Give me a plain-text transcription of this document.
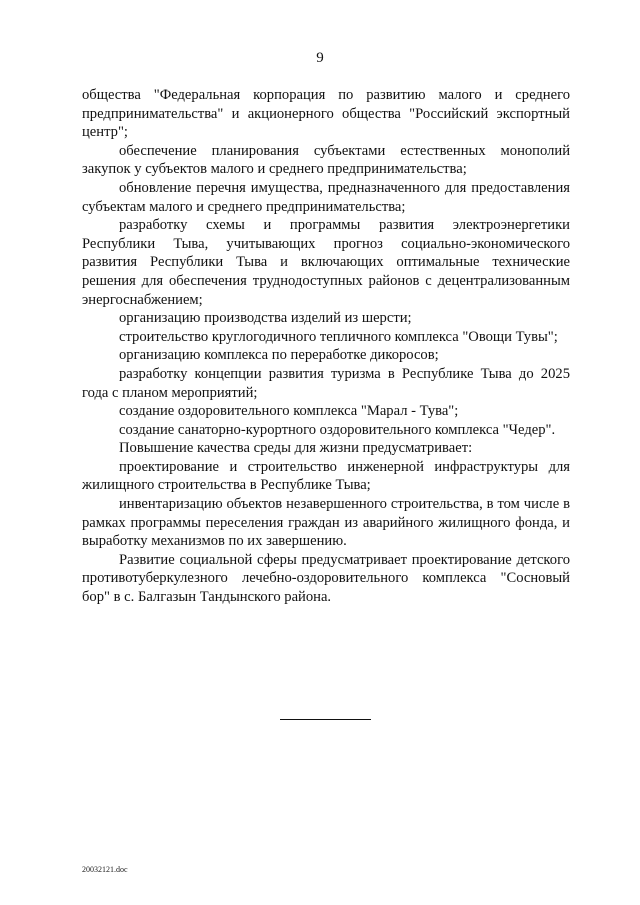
9

общества "Федеральная корпорация по развитию малого и среднего предпринимательства" и акционерного общества "Российский экспортный центр";

обеспечение планирования субъектами естественных монополий закупок у субъектов малого и среднего предпринимательства;

обновление перечня имущества, предназначенного для предоставления субъектам малого и среднего предпринимательства;

разработку схемы и программы развития электроэнергетики Республики Тыва, учитывающих прогноз социально-экономического развития Республики Тыва и включающих оптимальные технические решения для обеспечения труднодоступных районов с децентрализованным энергоснабжением;

организацию производства изделий из шерсти;

строительство круглогодичного тепличного комплекса "Овощи Тувы";

организацию комплекса по переработке дикоросов;

разработку концепции развития туризма в Республике Тыва до 2025 года с планом мероприятий;

создание оздоровительного комплекса "Марал - Тува";

создание санаторно-курортного оздоровительного комплекса "Чедер".

Повышение качества среды для жизни предусматривает:

проектирование и строительство инженерной инфраструктуры для жилищного строительства в Республике Тыва;

инвентаризацию объектов незавершенного строительства, в том числе в рамках программы переселения граждан из аварийного жилищного фонда, и выработку механизмов по их завершению.

Развитие социальной сферы предусматривает проектирование детского противотуберкулезного лечебно-оздоровительного комплекса "Сосновый бор" в с. Балгазын Тандынского района.

20032121.doc
